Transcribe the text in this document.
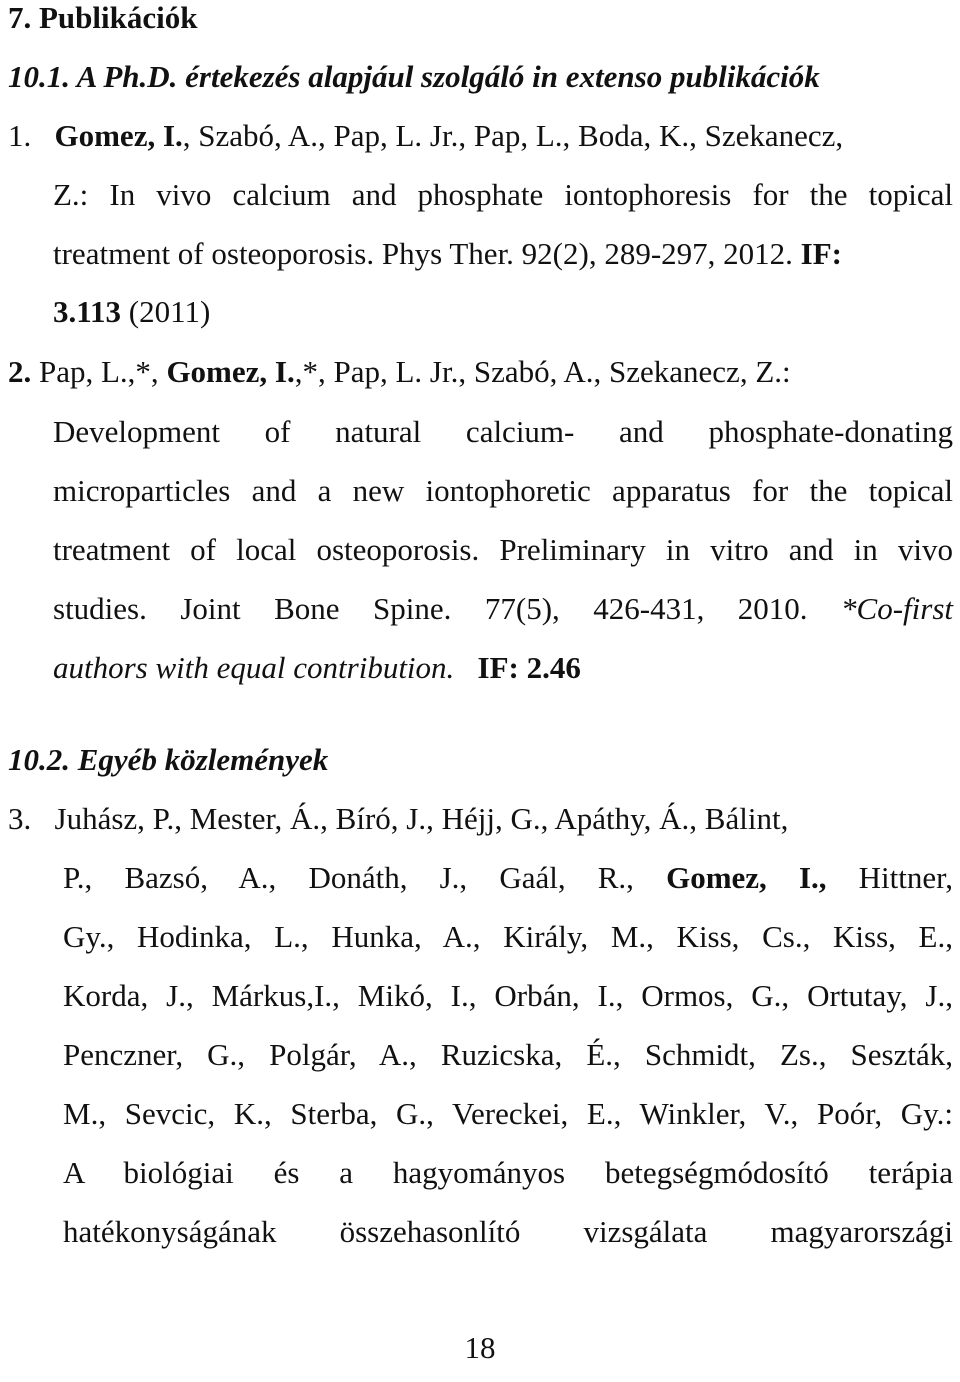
7. Publikációk
10.1. A Ph.D. értekezés alapjául szolgáló in extenso publikációk
1. Gomez, I., Szabó, A., Pap, L. Jr., Pap, L., Boda, K., Szekanecz,
Z.: In vivo calcium and phosphate iontophoresis for the topical
treatment of osteoporosis. Phys Ther. 92(2), 289-297, 2012. IF:
3.113 (2011)
2. Pap, L.,*, Gomez, I.,*, Pap, L. Jr., Szabó, A., Szekanecz, Z.:
Development of natural calcium- and phosphate-donating
microparticles and a new iontophoretic apparatus for the topical
treatment of local osteoporosis. Preliminary in vitro and in vivo
studies. Joint Bone Spine. 77(5), 426-431, 2010. *Co-first
authors with equal contribution. IF: 2.46
10.2. Egyéb közlemények
3. Juhász, P., Mester, Á., Bíró, J., Héjj, G., Apáthy, Á., Bálint,
P., Bazsó, A., Donáth, J., Gaál, R., Gomez, I., Hittner,
Gy., Hodinka, L., Hunka, A., Király, M., Kiss, Cs., Kiss, E.,
Korda, J., Márkus,I., Mikó, I., Orbán, I., Ormos, G., Ortutay, J.,
Penczner, G., Polgár, A., Ruzicska, É., Schmidt, Zs., Seszták,
M., Sevcic, K., Sterba, G., Vereckei, E., Winkler, V., Poór, Gy.:
A biológiai és a hagyományos betegségmódosító terápia
hatékonyságának összehasonlító vizsgálata magyarországi
18
